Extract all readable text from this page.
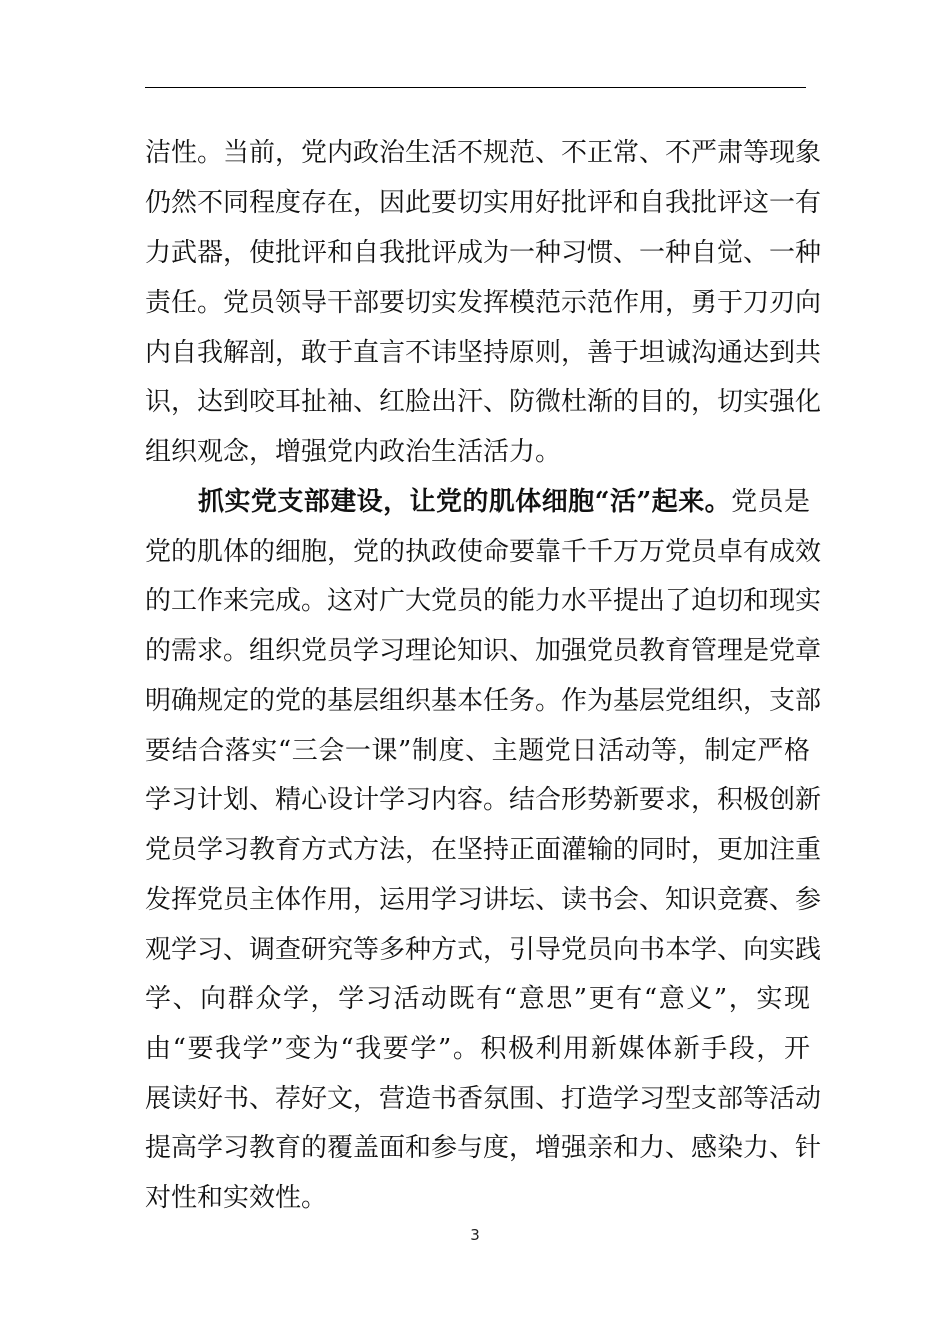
洁性。当前，党内政治生活不规范、不正常、不严肃等现象
仍然不同程度存在，因此要切实用好批评和自我批评这一有
力武器，使批评和自我批评成为一种习惯、一种自觉、一种
责任。党员领导干部要切实发挥模范示范作用，勇于刀刃向
内自我解剖，敢于直言不讳坚持原则，善于坦诚沟通达到共
识，达到咬耳扯袖、红脸出汗、防微杜渐的目的，切实强化
组织观念，增强党内政治生活活力。
抓实党支部建设，让党的肌体细胞“活”起来。党员是
党的肌体的细胞，党的执政使命要靠千千万万党员卓有成效
的工作来完成。这对广大党员的能力水平提出了迫切和现实
的需求。组织党员学习理论知识、加强党员教育管理是党章
明确规定的党的基层组织基本任务。作为基层党组织，支部
要结合落实“三会一课”制度、主题党日活动等，制定严格
学习计划、精心设计学习内容。结合形势新要求，积极创新
党员学习教育方式方法，在坚持正面灌输的同时，更加注重
发挥党员主体作用，运用学习讲坛、读书会、知识竞赛、参
观学习、调查研究等多种方式，引导党员向书本学、向实践
学、向群众学，学习活动既有“意思”更有“意义”，实现
由“要我学”变为“我要学”。积极利用新媒体新手段，开
展读好书、荐好文，营造书香氛围、打造学习型支部等活动
提高学习教育的覆盖面和参与度，增强亲和力、感染力、针
对性和实效性。
3
